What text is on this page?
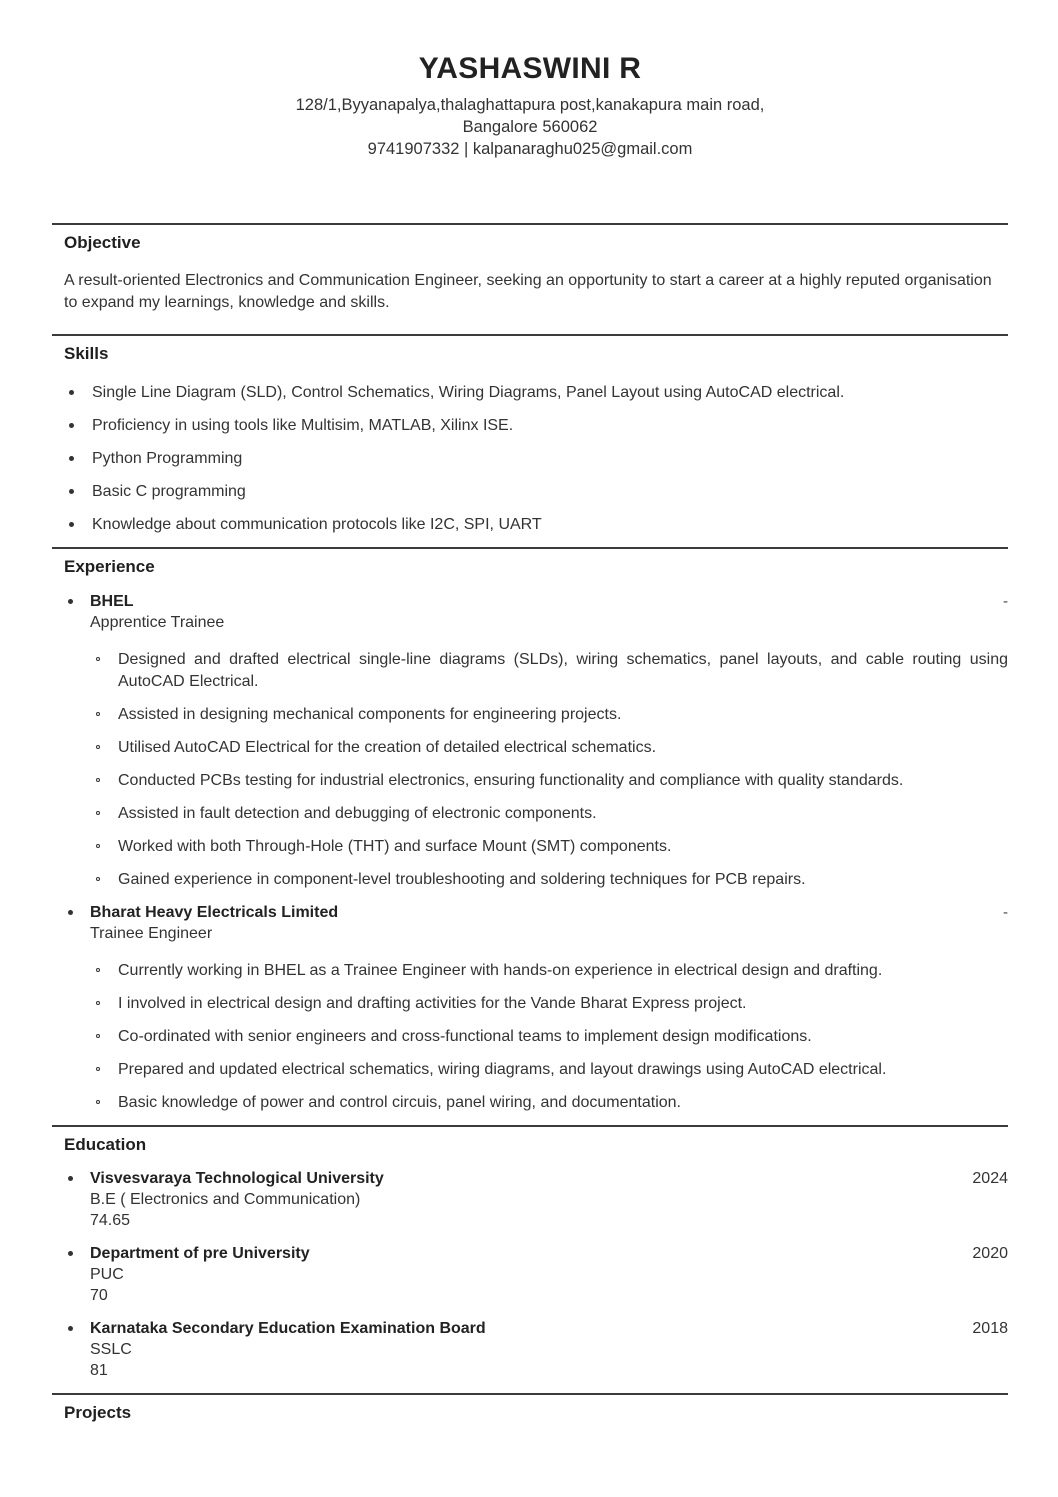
YASHASWINI R
128/1,Byyanapalya,thalaghattapura post,kanakapura main road,
Bangalore 560062
9741907332 | kalpanaraghu025@gmail.com
Objective

A result-oriented Electronics and Communication Engineer, seeking an opportunity to start a career at a highly reputed organisation to expand my learnings, knowledge and skills.

Skills
Single Line Diagram (SLD), Control Schematics, Wiring Diagrams, Panel Layout using AutoCAD electrical.
Proficiency in using tools like Multisim, MATLAB, Xilinx ISE.
Python Programming
Basic C programming
Knowledge about communication protocols like I2C, SPI, UART
Experience
BHEL	-
Apprentice Trainee
Designed and drafted electrical single-line diagrams (SLDs), wiring schematics, panel layouts, and cable routing using AutoCAD Electrical.
Assisted in designing mechanical components for engineering projects.
Utilised AutoCAD Electrical for the creation of detailed electrical schematics.
Conducted PCBs testing for industrial electronics, ensuring functionality and compliance with quality standards.
Assisted in fault detection and debugging of electronic components.
Worked with both Through-Hole (THT) and surface Mount (SMT) components.
Gained experience in component-level troubleshooting and soldering techniques for PCB repairs.
Bharat Heavy Electricals Limited	-
Trainee Engineer
Currently working in BHEL as a Trainee Engineer with hands-on experience in electrical design and drafting.
I involved in electrical design and drafting activities for the Vande Bharat Express project.
Co-ordinated with senior engineers and cross-functional teams to implement design modifications.
Prepared and updated electrical schematics, wiring diagrams, and layout drawings using AutoCAD electrical.
Basic knowledge of power and control circuis, panel wiring, and documentation.
Education
Visvesvaraya Technological University	2024
B.E ( Electronics and Communication)
74.65
Department of pre University	2020
PUC
70
Karnataka Secondary Education Examination Board	2018
SSLC
81
Projects
